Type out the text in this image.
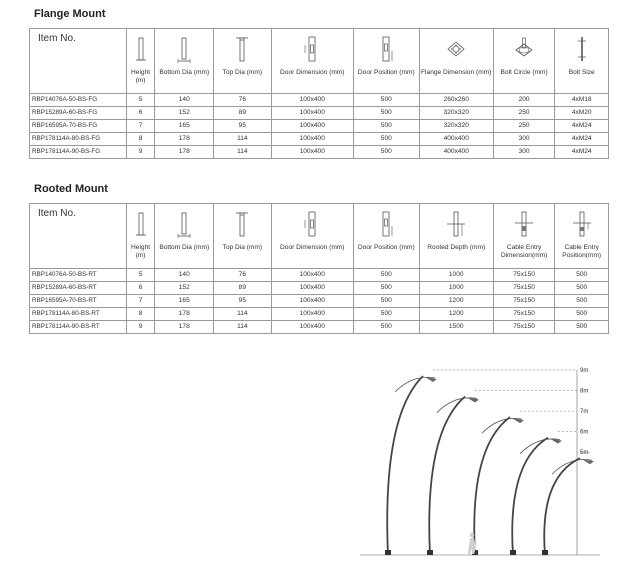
Flange Mount
Item No.	Height (m)	Bottom Dia (mm)	Top Dia (mm)	Door Dimension (mm)	Door Position (mm)	Flange Dimension (mm)	Bolt Circle (mm)	Bolt Size

RBP14076A-50-BS-FG	5	140	76	100x400	500	260x260	200	4xM18
RBP15289A-60-BS-FG	6	152	89	100x400	500	320x320	250	4xM20
RBP16595A-70-BS-FG	7	165	95	100x400	500	320x320	250	4xM24
RBP178114A-80-BS-FG	8	178	114	100x400	500	400x400	300	4xM24
RBP178114A-90-BS-FG	9	178	114	100x400	500	400x400	300	4xM24
Rooted Mount
Item No.	Height (m)	Bottom Dia (mm)	Top Dia (mm)	Door Dimension (mm)	Door Position (mm)	Rooted Depth (mm)	Cable Entry Dimension(mm)	Cable Entry Position(mm)

RBP14076A-50-BS-RT	5	140	76	100x400	500	1000	75x150	500
RBP15289A-60-BS-RT	6	152	89	100x400	500	1000	75x150	500
RBP16595A-70-BS-RT	7	165	95	100x400	500	1200	75x150	500
RBP178114A-80-BS-RT	8	178	114	100x400	500	1200	75x150	500
RBP178114A-90-BS-RT	9	178	114	100x400	500	1500	75x150	500
9m
8m
7m
6m
5m
